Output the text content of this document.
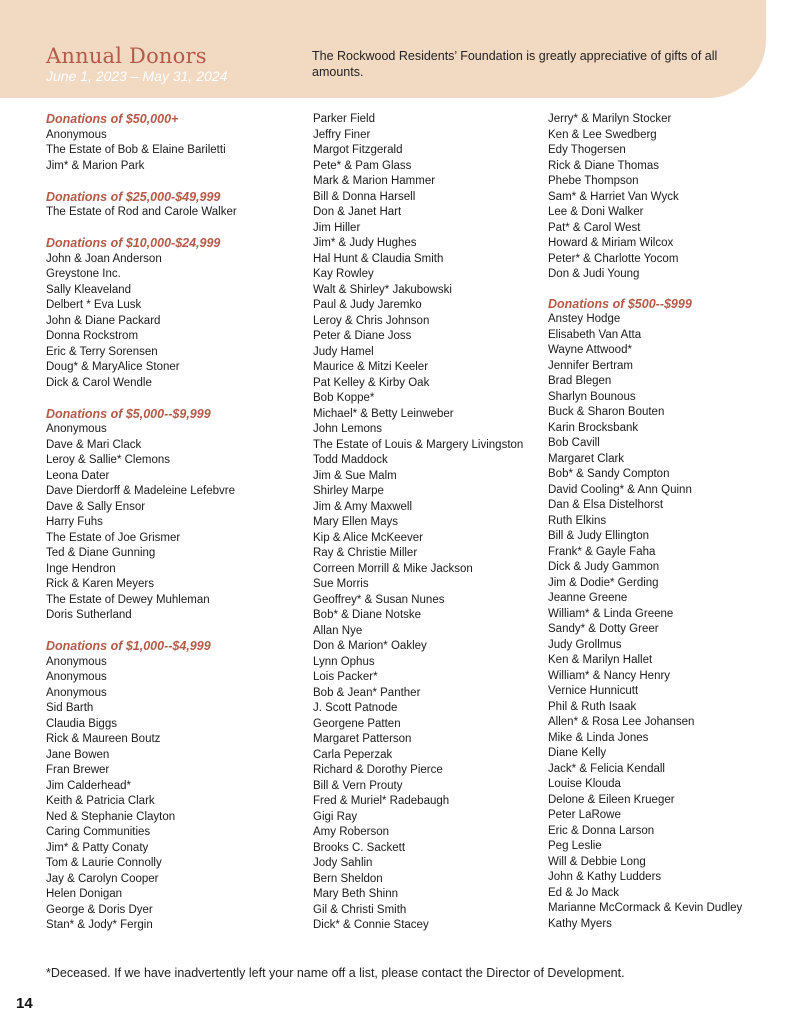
Annual Donors
June 1, 2023 – May 31, 2024

The Rockwood Residents’ Foundation is greatly appreciative of gifts of all amounts.

Donations of $50,000+
Anonymous
The Estate of Bob & Elaine Bariletti
Jim* & Marion Park
Donations of $25,000-$49,999
The Estate of Rod and Carole Walker
Donations of $10,000-$24,999
John & Joan Anderson
Greystone Inc.
Sally Kleaveland
Delbert * Eva Lusk
John & Diane Packard
Donna Rockstrom
Eric & Terry Sorensen
Doug* & MaryAlice Stoner
Dick & Carol Wendle
Donations of $5,000--$9,999
Anonymous
Dave & Mari Clack
Leroy & Sallie* Clemons
Leona Dater
Dave Dierdorff & Madeleine Lefebvre
Dave & Sally Ensor
Harry Fuhs
The Estate of Joe Grismer
Ted & Diane Gunning
Inge Hendron
Rick & Karen Meyers
The Estate of Dewey Muhleman
Doris Sutherland
Donations of $1,000--$4,999
Anonymous
Anonymous
Anonymous
Sid Barth
Claudia Biggs
Rick & Maureen Boutz
Jane Bowen
Fran Brewer
Jim Calderhead*
Keith & Patricia Clark
Ned & Stephanie Clayton
Caring Communities
Jim* & Patty Conaty
Tom & Laurie Connolly
Jay & Carolyn Cooper
Helen Donigan
George & Doris Dyer
Stan* & Jody* Fergin
Parker Field
Jeffry Finer
Margot Fitzgerald
Pete* & Pam Glass
Mark & Marion Hammer
Bill & Donna Harsell
Don & Janet Hart
Jim Hiller
Jim* & Judy Hughes
Hal Hunt & Claudia Smith
Kay Rowley
Walt & Shirley* Jakubowski
Paul & Judy Jaremko
Leroy & Chris Johnson
Peter & Diane Joss
Judy Hamel
Maurice & Mitzi Keeler
Pat Kelley & Kirby Oak
Bob Koppe*
Michael* & Betty Leinweber
John Lemons
The Estate of Louis & Margery Livingston
Todd Maddock
Jim & Sue Malm
Shirley Marpe
Jim & Amy Maxwell
Mary Ellen Mays
Kip & Alice McKeever
Ray & Christie Miller
Correen Morrill & Mike Jackson
Sue Morris
Geoffrey* & Susan Nunes
Bob* & Diane Notske
Allan Nye
Don & Marion* Oakley
Lynn Ophus
Lois Packer*
Bob & Jean* Panther
J. Scott Patnode
Georgene Patten
Margaret Patterson
Carla Peperzak
Richard & Dorothy Pierce
Bill & Vern Prouty
Fred & Muriel* Radebaugh
Gigi Ray
Amy Roberson
Brooks C. Sackett
Jody Sahlin
Bern Sheldon
Mary Beth Shinn
Gil & Christi Smith
Dick* & Connie Stacey
Jerry* & Marilyn Stocker
Ken & Lee Swedberg
Edy Thogersen
Rick & Diane Thomas
Phebe Thompson
Sam* & Harriet Van Wyck
Lee & Doni Walker
Pat* & Carol West
Howard & Miriam Wilcox
Peter* & Charlotte Yocom
Don & Judi Young
Donations of $500--$999
Anstey Hodge
Elisabeth Van Atta
Wayne Attwood*
Jennifer Bertram
Brad Blegen
Sharlyn Bounous
Buck & Sharon Bouten
Karin Brocksbank
Bob Cavill
Margaret Clark
Bob* & Sandy Compton
David Cooling* & Ann Quinn
Dan & Elsa Distelhorst
Ruth Elkins
Bill & Judy Ellington
Frank* & Gayle Faha
Dick & Judy Gammon
Jim & Dodie* Gerding
Jeanne Greene
William* & Linda Greene
Sandy* & Dotty Greer
Judy Grollmus
Ken & Marilyn Hallet
William* & Nancy Henry
Vernice Hunnicutt
Phil & Ruth Isaak
Allen* & Rosa Lee Johansen
Mike & Linda Jones
Diane Kelly
Jack* & Felicia Kendall
Louise Klouda
Delone & Eileen Krueger
Peter LaRowe
Eric & Donna Larson
Peg Leslie
Will & Debbie Long
John & Kathy Ludders
Ed & Jo Mack
Marianne McCormack & Kevin Dudley
Kathy Myers
*Deceased. If we have inadvertently left your name off a list, please contact the Director of Development.
14
